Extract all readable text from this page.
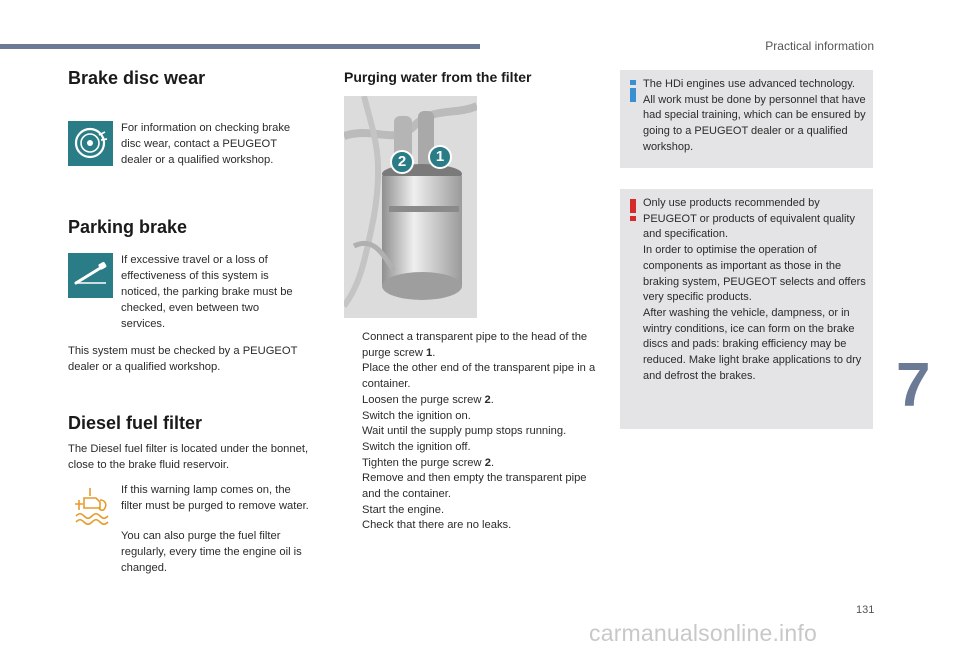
Practical information
Brake disc wear
For information on checking brake disc wear, contact a PEUGEOT dealer or a qualified workshop.
Parking brake
If excessive travel or a loss of effectiveness of this system is noticed, the parking brake must be checked, even between two services.
This system must be checked by a PEUGEOT dealer or a qualified workshop.
Diesel fuel filter
The Diesel fuel filter is located under the bonnet, close to the brake fluid reservoir.
If this warning lamp comes on, the filter must be purged to remove water.
You can also purge the fuel filter regularly, every time the engine oil is changed.
Purging water from the filter
2	1
Connect a transparent pipe to the head of the purge screw 1.
Place the other end of the transparent pipe in a container.
Loosen the purge screw 2.
Switch the ignition on.
Wait until the supply pump stops running.
Switch the ignition off.
Tighten the purge screw 2.
Remove and then empty the transparent pipe and the container.
Start the engine.
Check that there are no leaks.
The HDi engines use advanced technology. All work must be done by personnel that have had special training, which can be ensured by going to a PEUGEOT dealer or a qualified workshop.
Only use products recommended by PEUGEOT or products of equivalent quality and specification.
In order to optimise the operation of components as important as those in the braking system, PEUGEOT selects and offers very specific products.
After washing the vehicle, dampness, or in wintry conditions, ice can form on the brake discs and pads: braking efficiency may be reduced. Make light brake applications to dry and defrost the brakes.	7
131
carmanualsonline.info
